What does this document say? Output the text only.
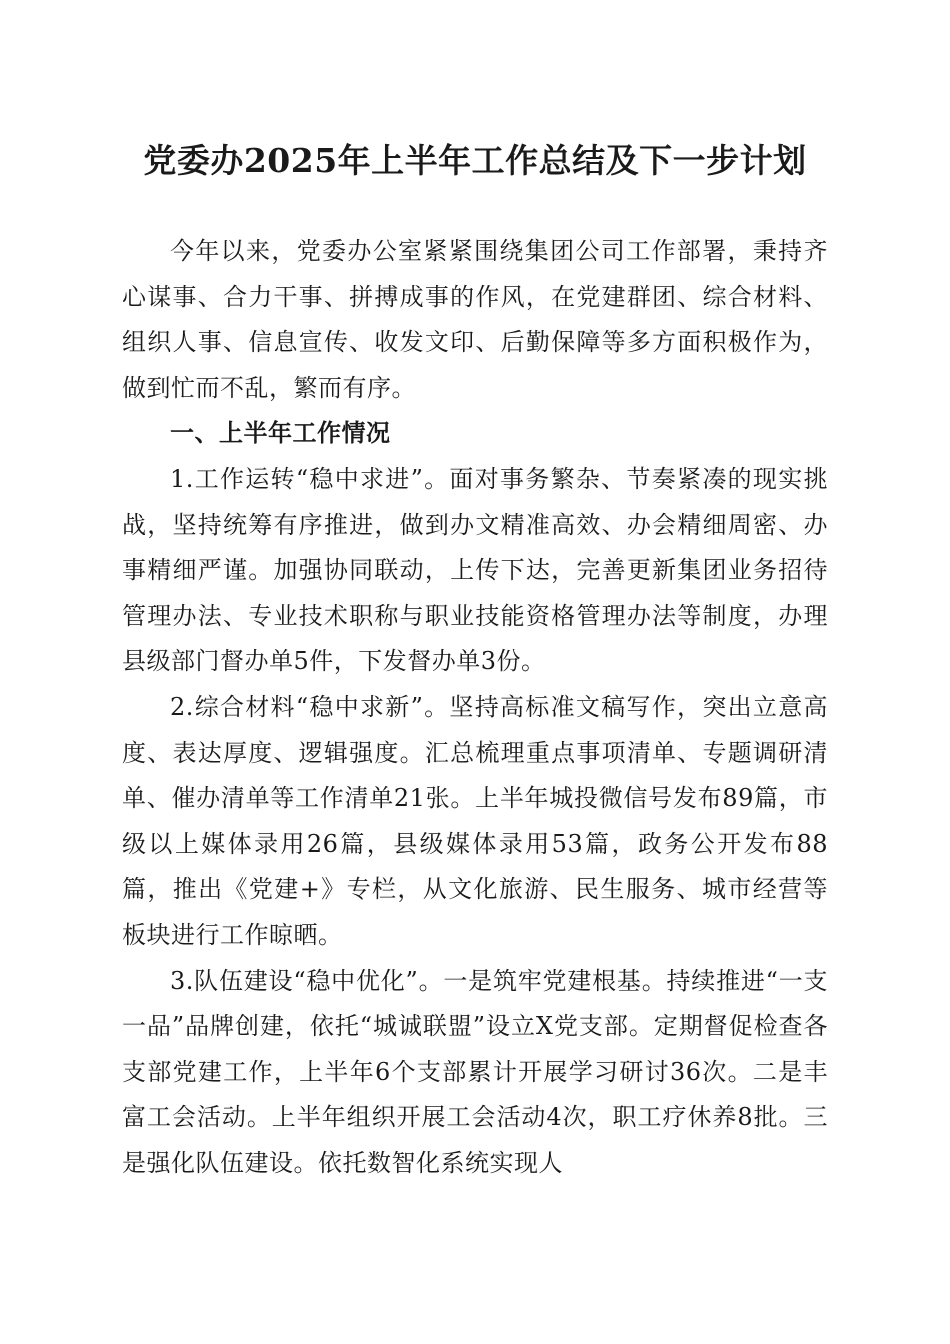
党委办2025年上半年工作总结及下一步计划

今年以来，党委办公室紧紧围绕集团公司工作部署，秉持齐心谋事、合力干事、拼搏成事的作风，在党建群团、综合材料、组织人事、信息宣传、收发文印、后勤保障等多方面积极作为，做到忙而不乱，繁而有序。

一、上半年工作情况

1.工作运转“稳中求进”。面对事务繁杂、节奏紧凑的现实挑战，坚持统筹有序推进，做到办文精准高效、办会精细周密、办事精细严谨。加强协同联动，上传下达，完善更新集团业务招待管理办法、专业技术职称与职业技能资格管理办法等制度，办理县级部门督办单5件，下发督办单3份。

2.综合材料“稳中求新”。坚持高标准文稿写作，突出立意高度、表达厚度、逻辑强度。汇总梳理重点事项清单、专题调研清单、催办清单等工作清单21张。上半年城投微信号发布89篇，市级以上媒体录用26篇，县级媒体录用53篇，政务公开发布88篇，推出《党建+》专栏，从文化旅游、民生服务、城市经营等板块进行工作晾晒。

3.队伍建设“稳中优化”。一是筑牢党建根基。持续推进“一支一品”品牌创建，依托“城诚联盟”设立X党支部。定期督促检查各支部党建工作，上半年6个支部累计开展学习研讨36次。二是丰富工会活动。上半年组织开展工会活动4次，职工疗休养8批。三是强化队伍建设。依托数智化系统实现人
